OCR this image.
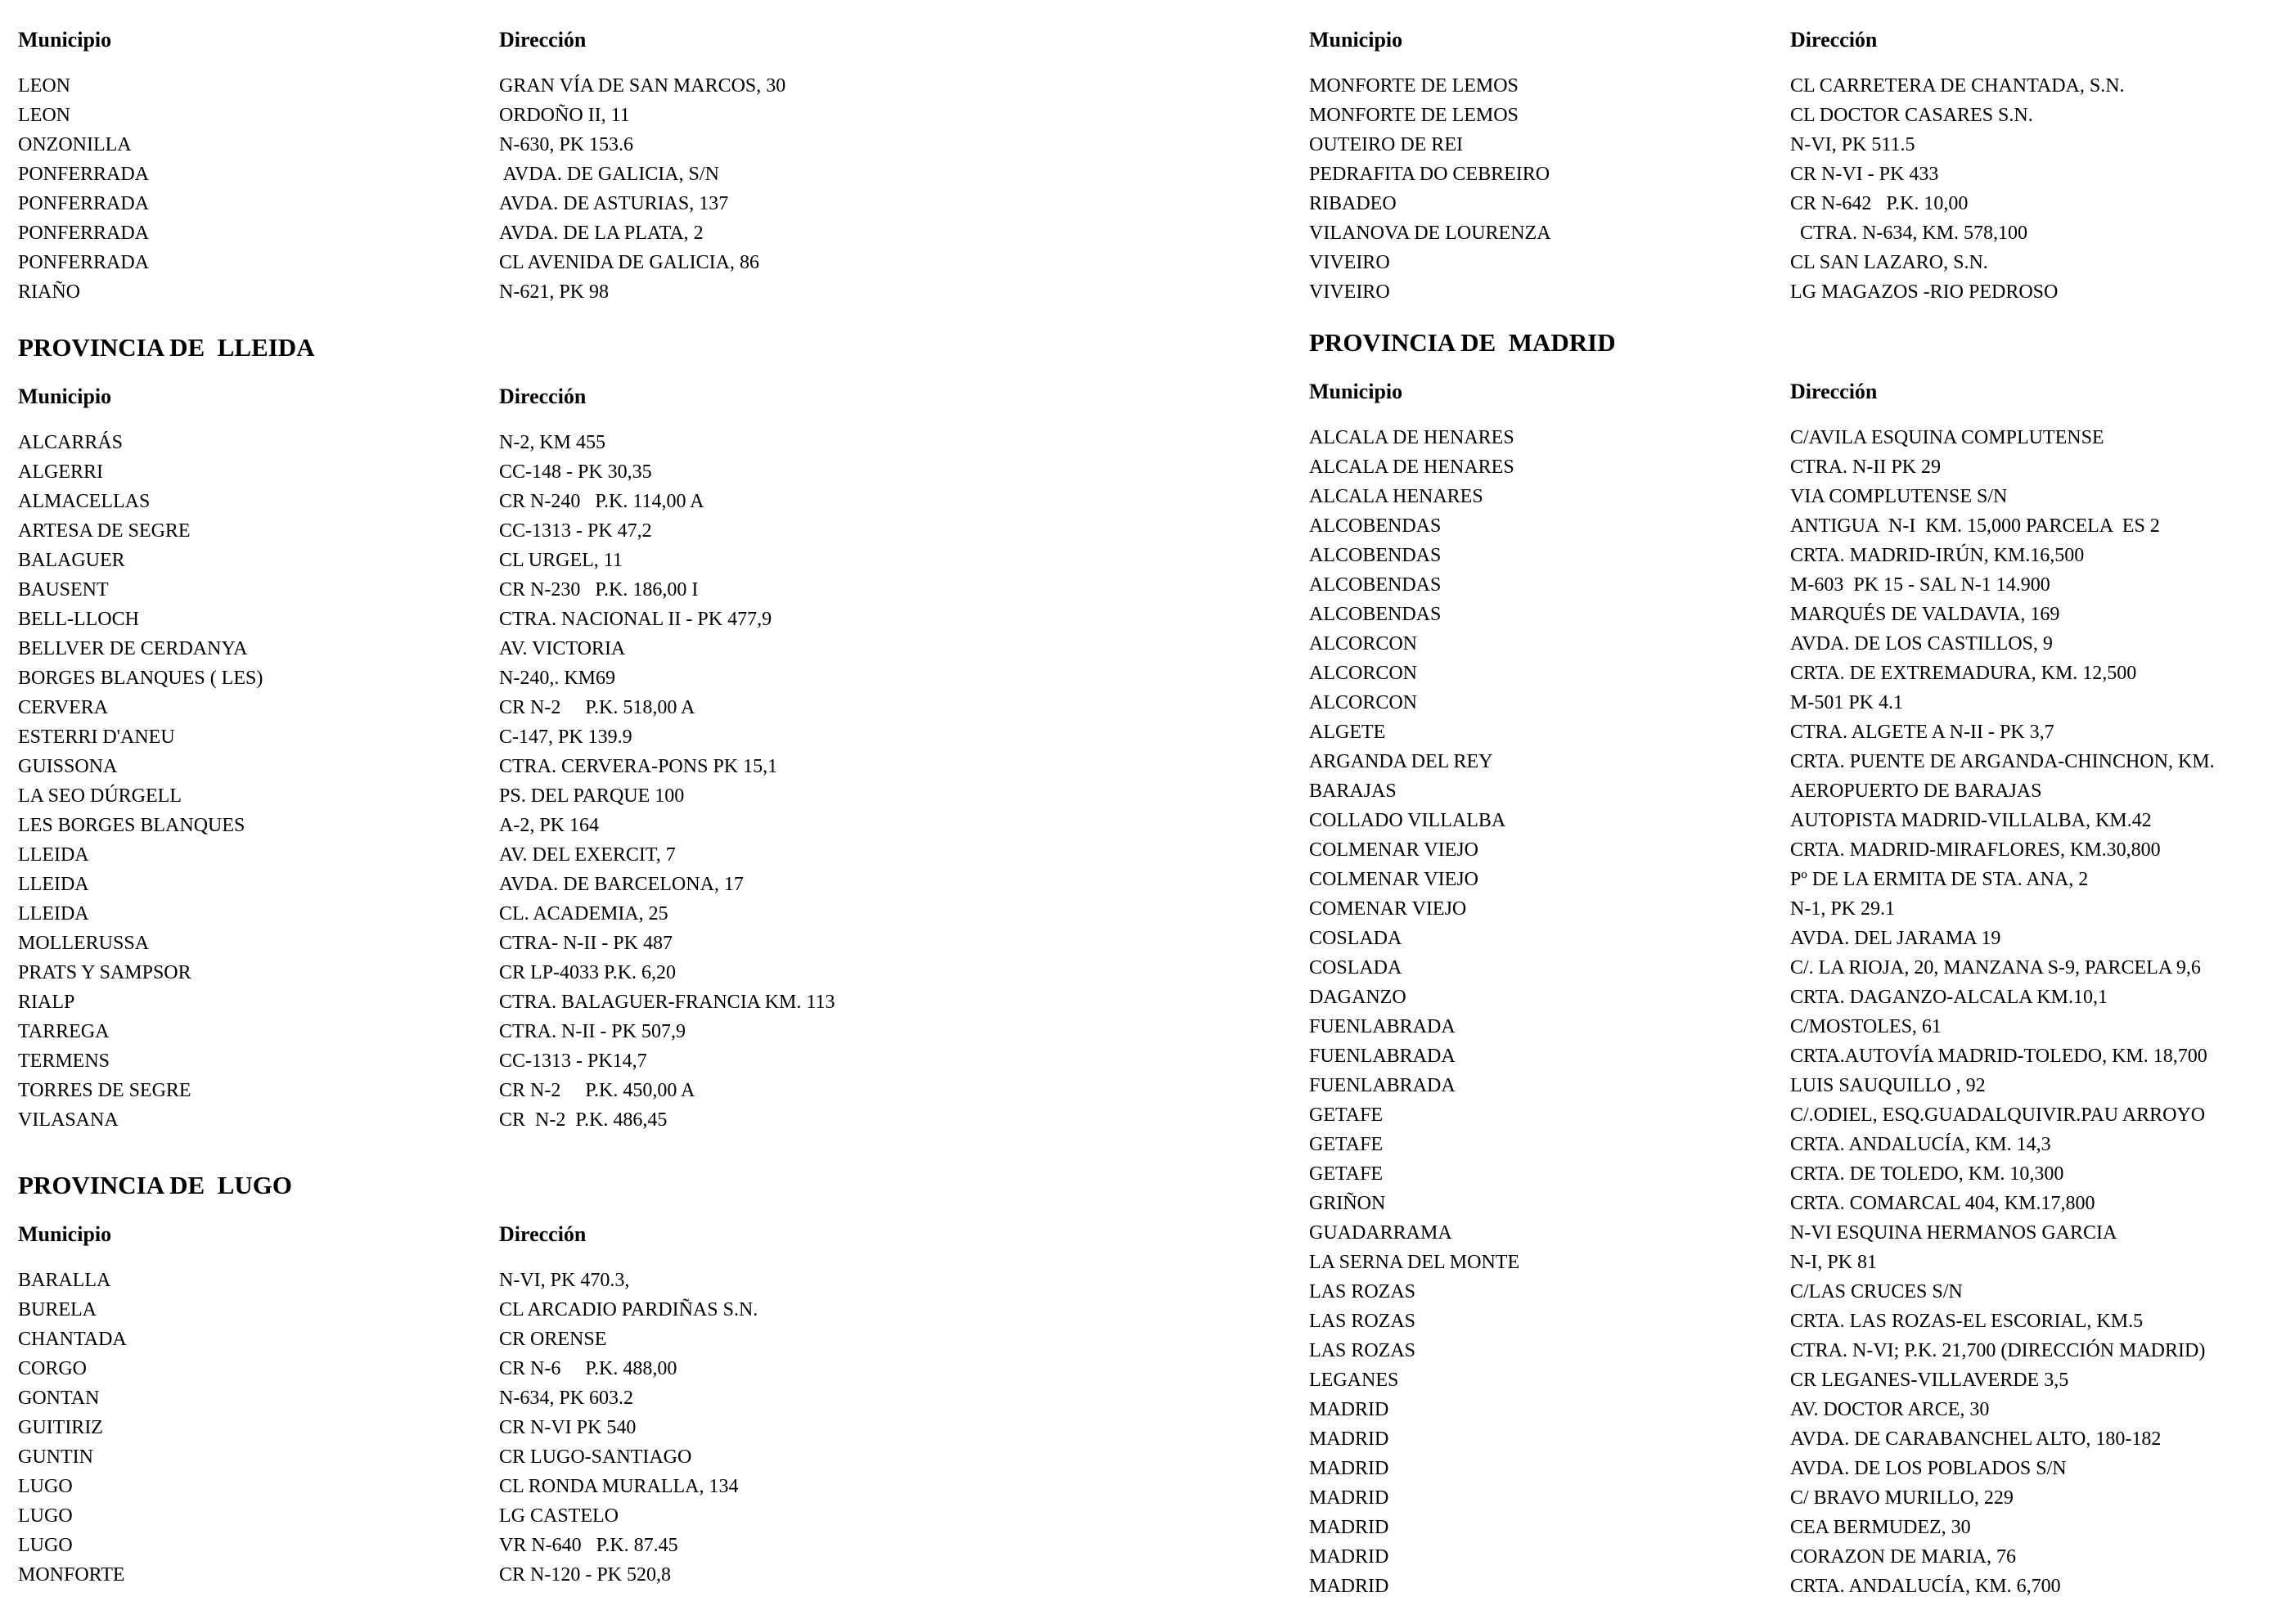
Municipio	Dirección
LEON	GRAN VÍA DE SAN MARCOS, 30
LEON	ORDOÑO II, 11
ONZONILLA	N-630, PK 153.6
PONFERRADA	AVDA. DE GALICIA, S/N
PONFERRADA	AVDA. DE ASTURIAS, 137
PONFERRADA	AVDA. DE LA PLATA, 2
PONFERRADA	CL AVENIDA DE GALICIA, 86
RIAÑO	N-621, PK 98
PROVINCIA DE  LLEIDA
Municipio	Dirección
ALCARRÁS	N-2, KM 455
ALGERRI	CC-148 - PK 30,35
ALMACELLAS	CR N-240   P.K. 114,00 A
ARTESA DE SEGRE	CC-1313 - PK 47,2
BALAGUER	CL URGEL, 11
BAUSENT	CR N-230   P.K. 186,00 I
BELL-LLOCH	CTRA. NACIONAL II - PK 477,9
BELLVER DE CERDANYA	AV. VICTORIA
BORGES BLANQUES ( LES)	N-240,. KM69
CERVERA	CR N-2     P.K. 518,00 A
ESTERRI D'ANEU	C-147, PK 139.9
GUISSONA	CTRA. CERVERA-PONS PK 15,1
LA SEO DÚRGELL	PS. DEL PARQUE 100
LES BORGES BLANQUES	A-2, PK 164
LLEIDA	AV. DEL EXERCIT, 7
LLEIDA	AVDA. DE BARCELONA, 17
LLEIDA	CL. ACADEMIA, 25
MOLLERUSSA	CTRA- N-II - PK 487
PRATS Y SAMPSOR	CR LP-4033 P.K. 6,20
RIALP	CTRA. BALAGUER-FRANCIA KM. 113
TARREGA	CTRA. N-II - PK 507,9
TERMENS	CC-1313 - PK14,7
TORRES DE SEGRE	CR N-2     P.K. 450,00 A
VILASANA	CR  N-2  P.K. 486,45
PROVINCIA DE  LUGO
Municipio	Dirección
BARALLA	N-VI, PK 470.3,
BURELA	CL ARCADIO PARDIÑAS S.N.
CHANTADA	CR ORENSE
CORGO	CR N-6     P.K. 488,00
GONTAN	N-634, PK 603.2
GUITIRIZ	CR N-VI PK 540
GUNTIN	CR LUGO-SANTIAGO
LUGO	CL RONDA MURALLA, 134
LUGO	LG CASTELO
LUGO	VR N-640   P.K. 87.45
MONFORTE	CR N-120 - PK 520,8
Municipio	Dirección
MONFORTE DE LEMOS	CL CARRETERA DE CHANTADA, S.N.
MONFORTE DE LEMOS	CL DOCTOR CASARES S.N.
OUTEIRO DE REI	N-VI, PK 511.5
PEDRAFITA DO CEBREIRO	CR N-VI - PK 433
RIBADEO	CR N-642   P.K. 10,00
VILANOVA DE LOURENZA	CTRA. N-634, KM. 578,100
VIVEIRO	CL SAN LAZARO, S.N.
VIVEIRO	LG MAGAZOS -RIO PEDROSO
PROVINCIA DE  MADRID
Municipio	Dirección
ALCALA DE HENARES	C/AVILA ESQUINA COMPLUTENSE
ALCALA DE HENARES	CTRA. N-II PK 29
ALCALA HENARES	VIA COMPLUTENSE S/N
ALCOBENDAS	ANTIGUA  N-I  KM. 15,000 PARCELA  ES 2
ALCOBENDAS	CRTA. MADRID-IRÚN, KM.16,500
ALCOBENDAS	M-603  PK 15 - SAL N-1 14.900
ALCOBENDAS	MARQUÉS DE VALDAVIA, 169
ALCORCON	AVDA. DE LOS CASTILLOS, 9
ALCORCON	CRTA. DE EXTREMADURA, KM. 12,500
ALCORCON	M-501 PK 4.1
ALGETE	CTRA. ALGETE A N-II - PK 3,7
ARGANDA DEL REY	CRTA. PUENTE DE ARGANDA-CHINCHON, KM.
BARAJAS	AEROPUERTO DE BARAJAS
COLLADO VILLALBA	AUTOPISTA MADRID-VILLALBA, KM.42
COLMENAR VIEJO	CRTA. MADRID-MIRAFLORES, KM.30,800
COLMENAR VIEJO	Pº DE LA ERMITA DE STA. ANA, 2
COMENAR VIEJO	N-1, PK 29.1
COSLADA	AVDA. DEL JARAMA 19
COSLADA	C/. LA RIOJA, 20, MANZANA S-9, PARCELA 9,6
DAGANZO	CRTA. DAGANZO-ALCALA KM.10,1
FUENLABRADA	C/MOSTOLES, 61
FUENLABRADA	CRTA.AUTOVÍA MADRID-TOLEDO, KM. 18,700
FUENLABRADA	LUIS SAUQUILLO , 92
GETAFE	C/.ODIEL, ESQ.GUADALQUIVIR.PAU ARROYO
GETAFE	CRTA. ANDALUCÍA, KM. 14,3
GETAFE	CRTA. DE TOLEDO, KM. 10,300
GRIÑON	CRTA. COMARCAL 404, KM.17,800
GUADARRAMA	N-VI ESQUINA HERMANOS GARCIA
LA SERNA DEL MONTE	N-I, PK 81
LAS ROZAS	C/LAS CRUCES S/N
LAS ROZAS	CRTA. LAS ROZAS-EL ESCORIAL, KM.5
LAS ROZAS	CTRA. N-VI; P.K. 21,700 (DIRECCIÓN MADRID)
LEGANES	CR LEGANES-VILLAVERDE 3,5
MADRID	AV. DOCTOR ARCE, 30
MADRID	AVDA. DE CARABANCHEL ALTO, 180-182
MADRID	AVDA. DE LOS POBLADOS S/N
MADRID	C/ BRAVO MURILLO, 229
MADRID	CEA BERMUDEZ, 30
MADRID	CORAZON DE MARIA, 76
MADRID	CRTA. ANDALUCÍA, KM. 6,700
